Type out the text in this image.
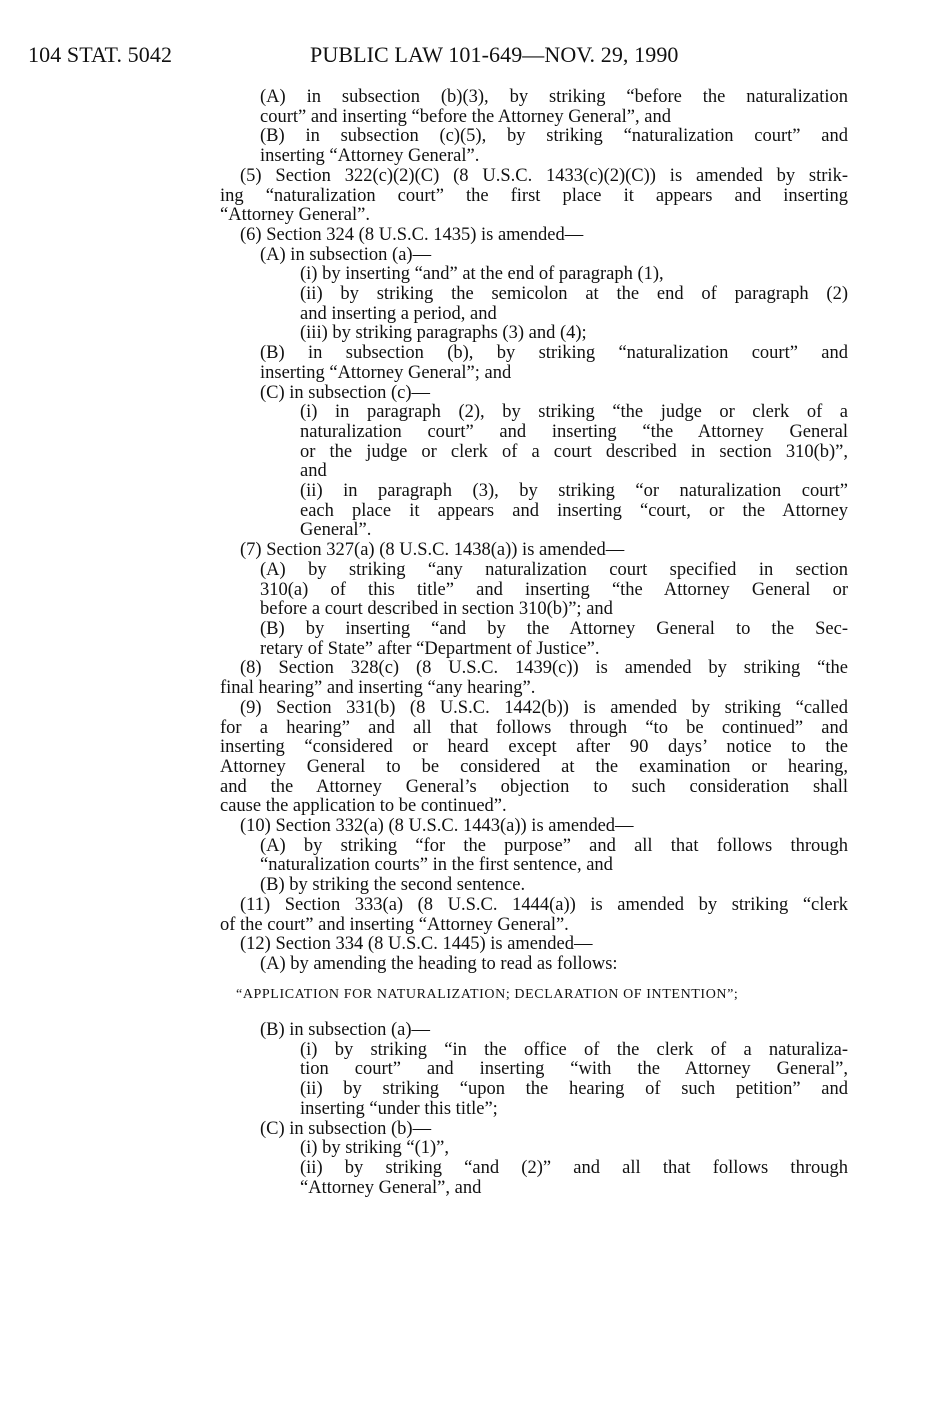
104 STAT. 5042	PUBLIC LAW 101-649—NOV. 29, 1990
(A) in subsection (b)(3), by striking “before the naturalization
court” and inserting “before the Attorney General”, and
(B) in subsection (c)(5), by striking “naturalization court” and
inserting “Attorney General”.
(5) Section 322(c)(2)(C) (8 U.S.C. 1433(c)(2)(C)) is amended by strik-
ing “naturalization court” the first place it appears and inserting
“Attorney General”.
(6) Section 324 (8 U.S.C. 1435) is amended—
(A) in subsection (a)—
(i) by inserting “and” at the end of paragraph (1),
(ii) by striking the semicolon at the end of paragraph (2)
and inserting a period, and
(iii) by striking paragraphs (3) and (4);
(B) in subsection (b), by striking “naturalization court” and
inserting “Attorney General”; and
(C) in subsection (c)—
(i) in paragraph (2), by striking “the judge or clerk of a
naturalization court” and inserting “the Attorney General
or the judge or clerk of a court described in section 310(b)”,
and
(ii) in paragraph (3), by striking “or naturalization court”
each place it appears and inserting “court, or the Attorney
General”.
(7) Section 327(a) (8 U.S.C. 1438(a)) is amended—
(A) by striking “any naturalization court specified in section
310(a) of this title” and inserting “the Attorney General or
before a court described in section 310(b)”; and
(B) by inserting “and by the Attorney General to the Sec-
retary of State” after “Department of Justice”.
(8) Section 328(c) (8 U.S.C. 1439(c)) is amended by striking “the
final hearing” and inserting “any hearing”.
(9) Section 331(b) (8 U.S.C. 1442(b)) is amended by striking “called
for a hearing” and all that follows through “to be continued” and
inserting “considered or heard except after 90 days’ notice to the
Attorney General to be considered at the examination or hearing,
and the Attorney General’s objection to such consideration shall
cause the application to be continued”.
(10) Section 332(a) (8 U.S.C. 1443(a)) is amended—
(A) by striking “for the purpose” and all that follows through
“naturalization courts” in the first sentence, and
(B) by striking the second sentence.
(11) Section 333(a) (8 U.S.C. 1444(a)) is amended by striking “clerk
of the court” and inserting “Attorney General”.
(12) Section 334 (8 U.S.C. 1445) is amended—
(A) by amending the heading to read as follows:
“APPLICATION FOR NATURALIZATION; DECLARATION OF INTENTION”;
(B) in subsection (a)—
(i) by striking “in the office of the clerk of a naturaliza-
tion court” and inserting “with the Attorney General”,
(ii) by striking “upon the hearing of such petition” and
inserting “under this title”;
(C) in subsection (b)—
(i) by striking “(1)”,
(ii) by striking “and (2)” and all that follows through
“Attorney General”, and
